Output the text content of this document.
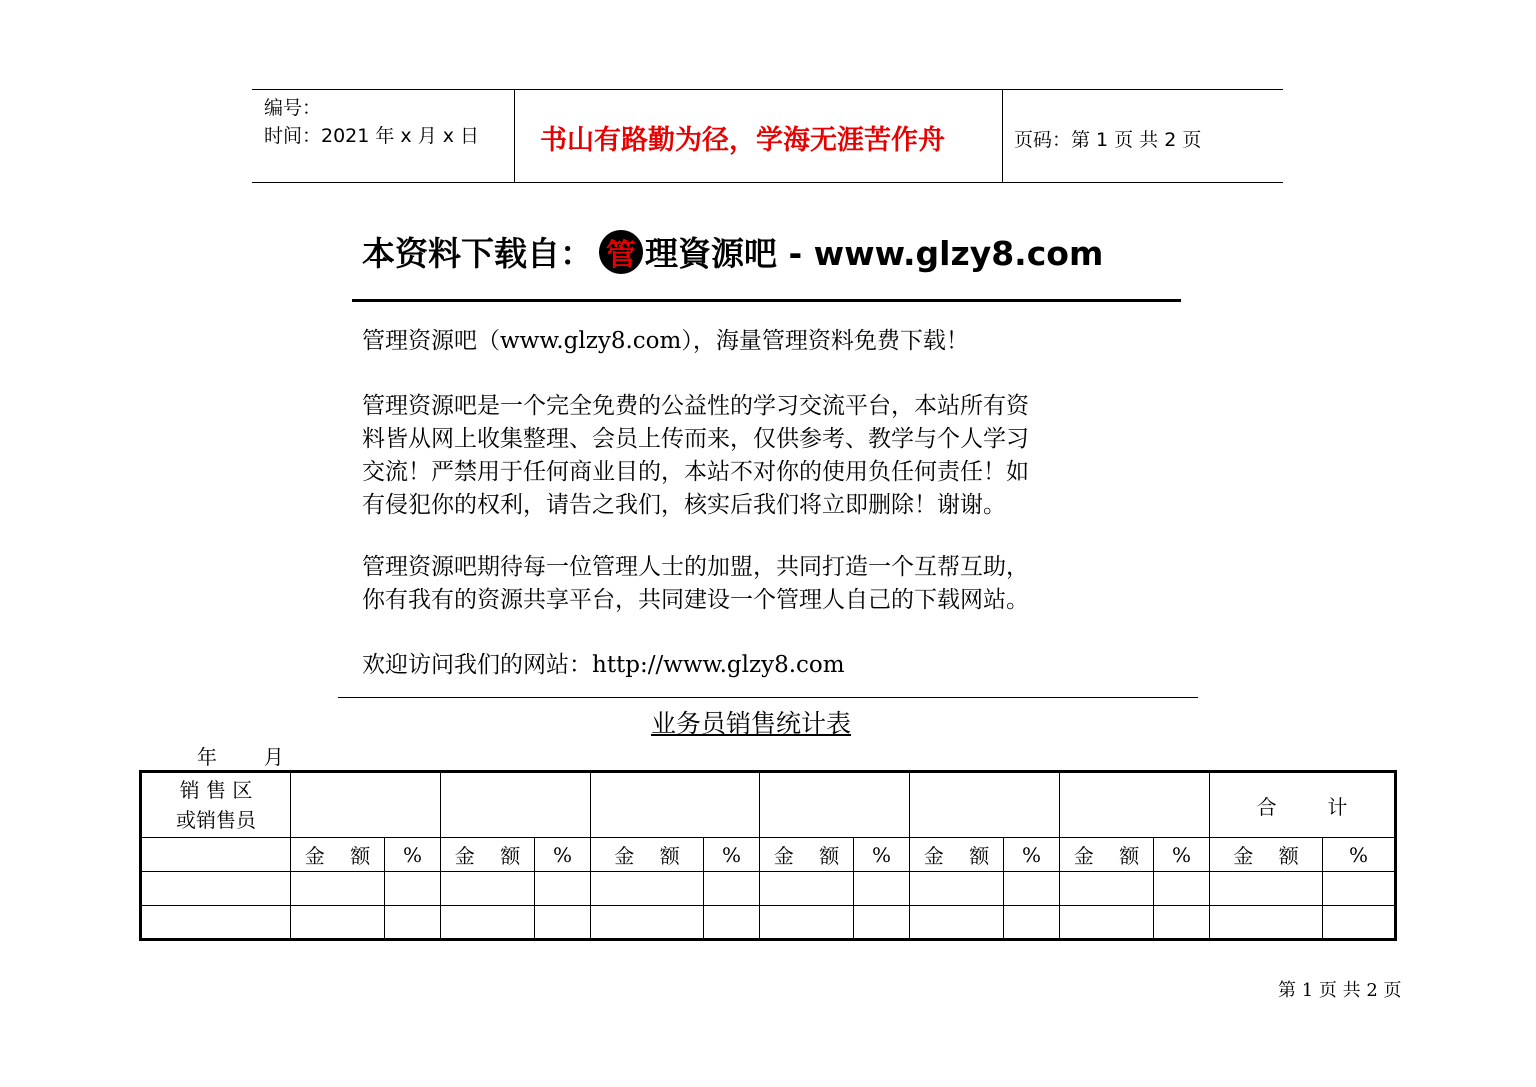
编号：
时间：2021 年 x 月 x 日 书山有路勤为径，学海无涯苦作舟	页码：第 1 页 共 2 页
本资料下载自： 管 理資源吧 - www.glzy8.com
管理资源吧（www.glzy8.com），海量管理资料免费下载！
管理资源吧是一个完全免费的公益性的学习交流平台，本站所有资
料皆从网上收集整理、会员上传而来，仅供参考、教学与个人学习
交流！严禁用于任何商业目的，本站不对你的使用负任何责任！如
有侵犯你的权利，请告之我们，核实后我们将立即删除！谢谢。
管理资源吧期待每一位管理人士的加盟，共同打造一个互帮互助，
你有我有的资源共享平台，共同建设一个管理人自己的下载网站。
欢迎访问我们的网站：http://www.glzy8.com
业务员销售统计表
年 月
销 售 区
或销售员													合        计	
	金    额	%	金    额	%	金    额	%	金    额	%	金    额	%	金    额	%	金    额	%

第 1 页 共 2 页
